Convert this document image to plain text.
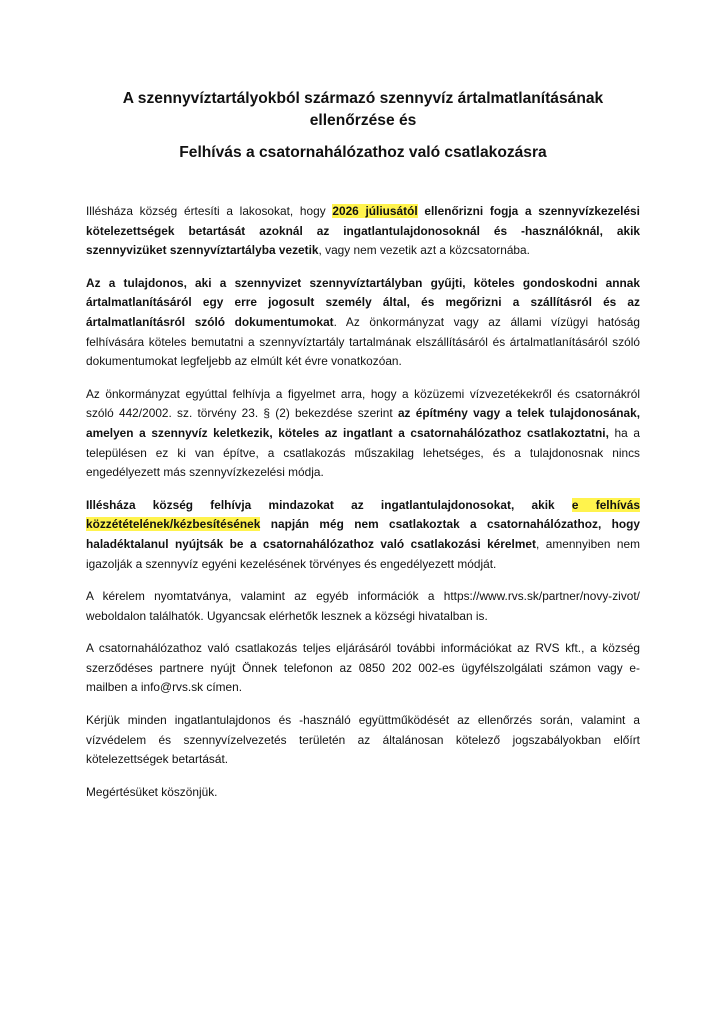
A szennyvíztartályokból származó szennyvíz ártalmatlanításának ellenőrzése és
Felhívás a csatornahálózathoz való csatlakozásra

Illésháza község értesíti a lakosokat, hogy 2026 júliusától ellenőrizni fogja a szennyvízkezelési kötelezettségek betartását azoknál az ingatlantulajdonosoknál és -használóknál, akik szennyvizüket szennyvíztartályba vezetik, vagy nem vezetik azt a közcsatornába.

Az a tulajdonos, aki a szennyvizet szennyvíztartályban gyűjti, köteles gondoskodni annak ártalmatlanításáról egy erre jogosult személy által, és megőrizni a szállításról és az ártalmatlanításról szóló dokumentumokat. Az önkormányzat vagy az állami vízügyi hatóság felhívására köteles bemutatni a szennyvíztartály tartalmának elszállításáról és ártalmatlanításáról szóló dokumentumokat legfeljebb az elmúlt két évre vonatkozóan.

Az önkormányzat egyúttal felhívja a figyelmet arra, hogy a közüzemi vízvezetékekről és csatornákról szóló 442/2002. sz. törvény 23. § (2) bekezdése szerint az építmény vagy a telek tulajdonosának, amelyen a szennyvíz keletkezik, köteles az ingatlant a csatornahálózathoz csatlakoztatni, ha a településen ez ki van építve, a csatlakozás műszakilag lehetséges, és a tulajdonosnak nincs engedélyezett más szennyvízkezelési módja.

Illésháza község felhívja mindazokat az ingatlantulajdonosokat, akik e felhívás közzétételének/kézbesítésének napján még nem csatlakoztak a csatornahálózathoz, hogy haladéktalanul nyújtsák be a csatornahálózathoz való csatlakozási kérelmet, amennyiben nem igazolják a szennyvíz egyéni kezelésének törvényes és engedélyezett módját.

A kérelem nyomtatványa, valamint az egyéb információk a https://www.rvs.sk/partner/novy-zivot/ weboldalon találhatók. Ugyancsak elérhetők lesznek a községi hivatalban is.

A csatornahálózathoz való csatlakozás teljes eljárásáról további információkat az RVS kft., a község szerződéses partnere nyújt Önnek telefonon az 0850 202 002-es ügyfélszolgálati számon vagy e-mailben a info@rvs.sk címen.

Kérjük minden ingatlantulajdonos és -használó együttműködését az ellenőrzés során, valamint a vízvédelem és szennyvízelvezetés területén az általánosan kötelező jogszabályokban előírt kötelezettségek betartását.

Megértésüket köszönjük.
